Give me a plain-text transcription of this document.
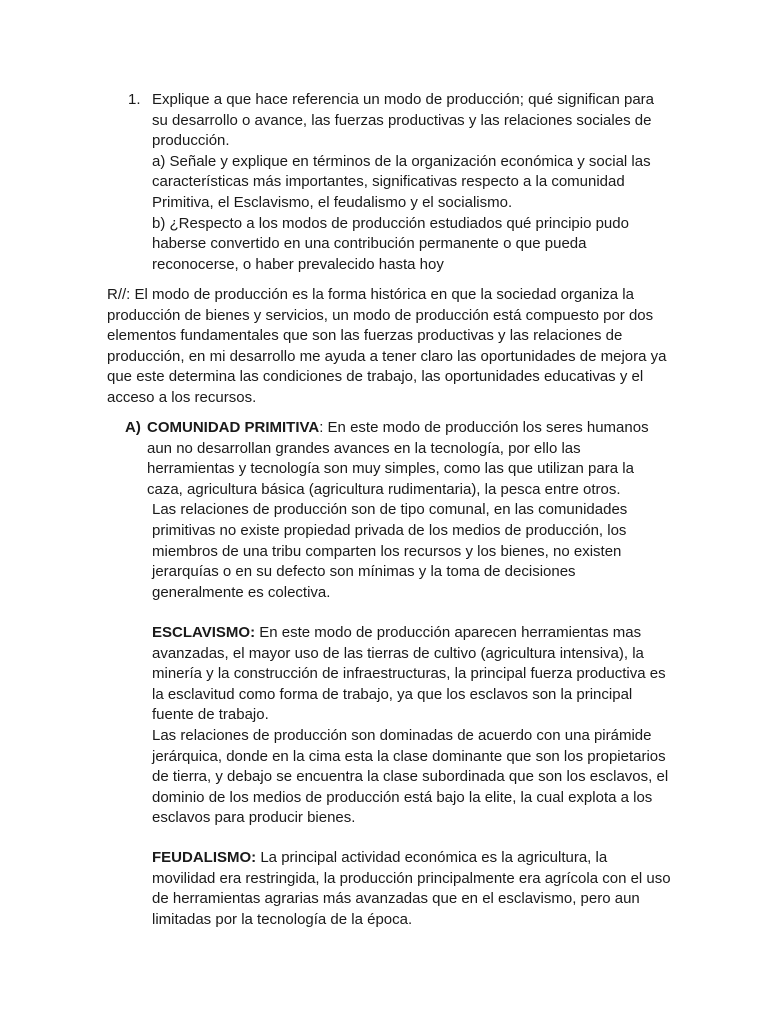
1. Explique a que hace referencia un modo de producción; qué significan para su desarrollo o avance, las fuerzas productivas y las relaciones sociales de producción.

a) Señale y explique en términos de la organización económica y social las características más importantes, significativas respecto a la comunidad Primitiva, el Esclavismo, el feudalismo y el socialismo.

b) ¿Respecto a los modos de producción estudiados qué principio pudo haberse convertido en una contribución permanente o que pueda reconocerse, o haber prevalecido hasta hoy

R//: El modo de producción es la forma histórica en que la sociedad organiza la producción de bienes y servicios, un modo de producción está compuesto por dos elementos fundamentales que son las fuerzas productivas y las relaciones de producción, en mi desarrollo me ayuda a tener claro las oportunidades de mejora ya que este determina las condiciones de trabajo, las oportunidades educativas y el acceso a los recursos.

A) COMUNIDAD PRIMITIVA: En este modo de producción los seres humanos aun no desarrollan grandes avances en la tecnología, por ello las herramientas y tecnología son muy simples, como las que utilizan para la caza, agricultura básica (agricultura rudimentaria), la pesca entre otros.

Las relaciones de producción son de tipo comunal, en las comunidades primitivas no existe propiedad privada de los medios de producción, los miembros de una tribu comparten los recursos y los bienes, no existen jerarquías o en su defecto son mínimas y la toma de decisiones generalmente es colectiva.

ESCLAVISMO: En este modo de producción aparecen herramientas mas avanzadas, el mayor uso de las tierras de cultivo (agricultura intensiva), la minería y la construcción de infraestructuras, la principal fuerza productiva es la esclavitud como forma de trabajo, ya que los esclavos son la principal fuente de trabajo.

Las relaciones de producción son dominadas de acuerdo con una pirámide jerárquica, donde en la cima esta la clase dominante que son los propietarios de tierra, y debajo se encuentra la clase subordinada que son los esclavos, el dominio de los medios de producción está bajo la elite, la cual explota a los esclavos para producir bienes.

FEUDALISMO: La principal actividad económica es la agricultura, la movilidad era restringida, la producción principalmente era agrícola con el uso de herramientas agrarias más avanzadas que en el esclavismo, pero aun limitadas por la tecnología de la época.
